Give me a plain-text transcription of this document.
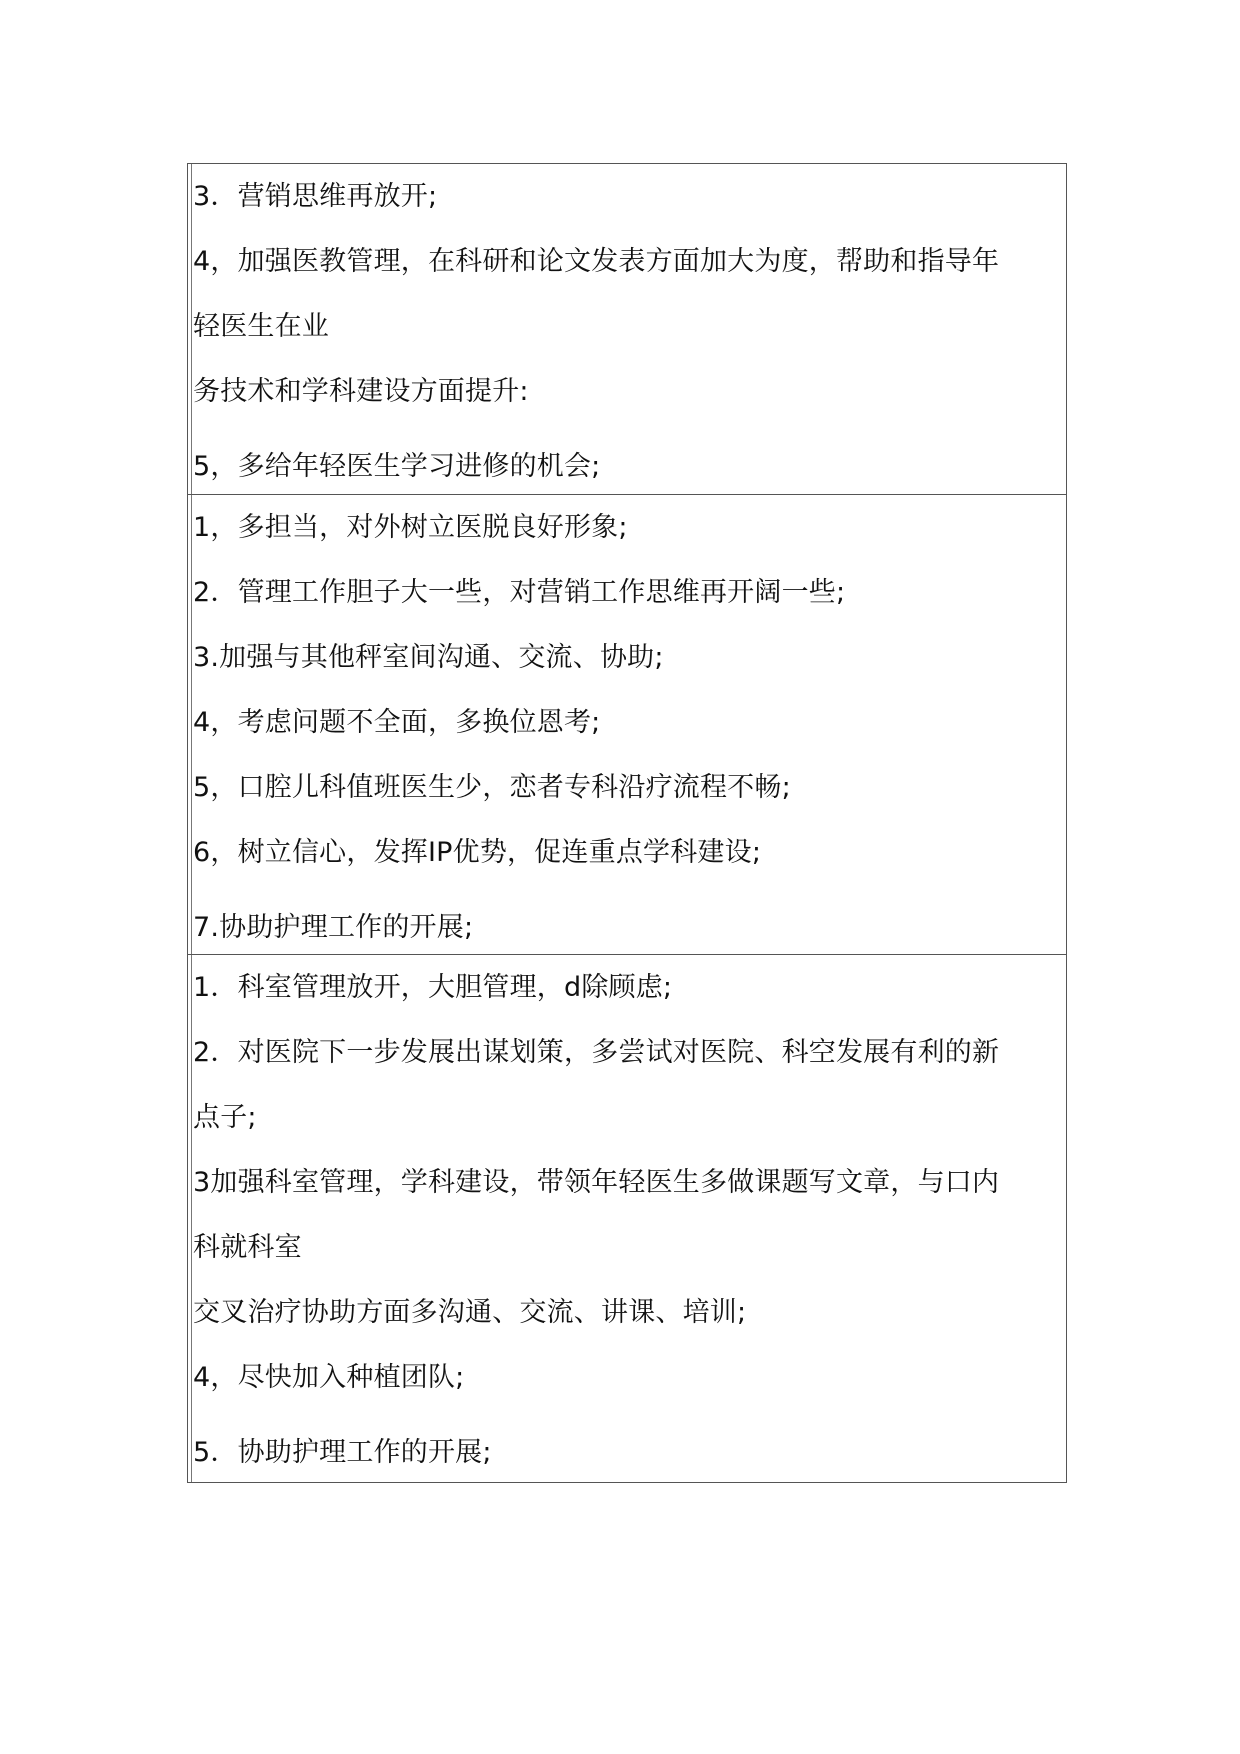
3．营销思维再放开;
4，加强医教管理，在科研和论文发表方面加大为度，帮助和指导年
轻医生在业
务技术和学科建设方面提升:
5，多给年轻医生学习进修的机会;
1，多担当，对外树立医脱良好形象;
2．管理工作胆子大一些，对营销工作思维再开阔一些;
3.加强与其他秤室间沟通、交流、协助;
4，考虑问题不全面，多换位恩考;
5，口腔儿科值班医生少，恋者专科沿疗流程不畅;
6，树立信心，发挥IP优势，促连重点学科建设;
7.协助护理工作的开展;
1．科室管理放开，大胆管理，d除顾虑;
2．对医院下一步发展出谋划策，多尝试对医院、科空发展有利的新
点子;
3加强科室管理，学科建设，带领年轻医生多做课题写文章，与口内
科就科室
交叉治疗协助方面多沟通、交流、讲课、培训;
4，尽快加入种植团队;
5．协助护理工作的开展;
